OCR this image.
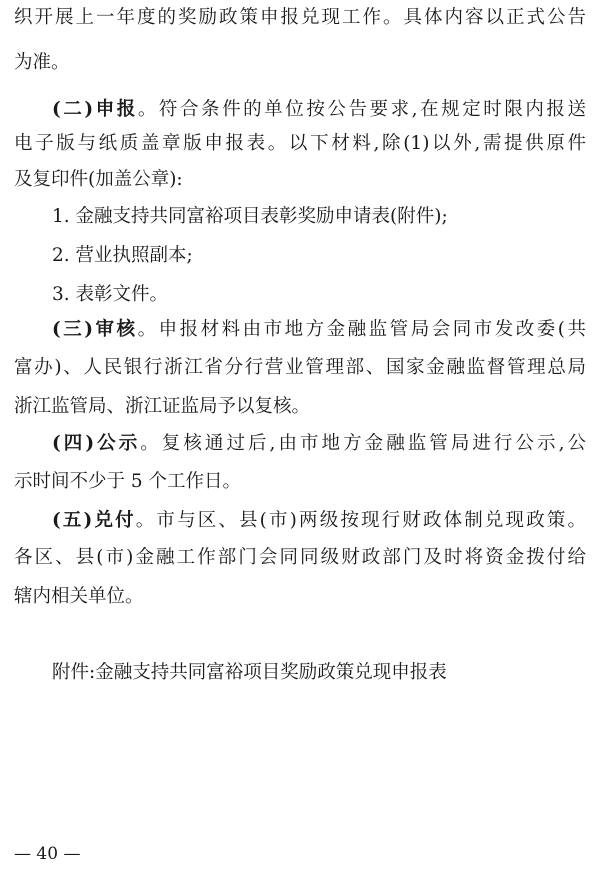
织开展上一年度的奖励政策申报兑现工作。具体内容以正式公告
为准。
(二)申报。符合条件的单位按公告要求,在规定时限内报送
电子版与纸质盖章版申报表。以下材料,除(1)以外,需提供原件
及复印件(加盖公章):
1. 金融支持共同富裕项目表彰奖励申请表(附件);
2. 营业执照副本;
3. 表彰文件。
(三)审核。申报材料由市地方金融监管局会同市发改委(共
富办)、人民银行浙江省分行营业管理部、国家金融监督管理总局
浙江监管局、浙江证监局予以复核。
(四)公示。复核通过后,由市地方金融监管局进行公示,公
示时间不少于 5 个工作日。
(五)兑付。市与区、县(市)两级按现行财政体制兑现政策。
各区、县(市)金融工作部门会同同级财政部门及时将资金拨付给
辖内相关单位。
附件:金融支持共同富裕项目奖励政策兑现申报表
— 40 —
